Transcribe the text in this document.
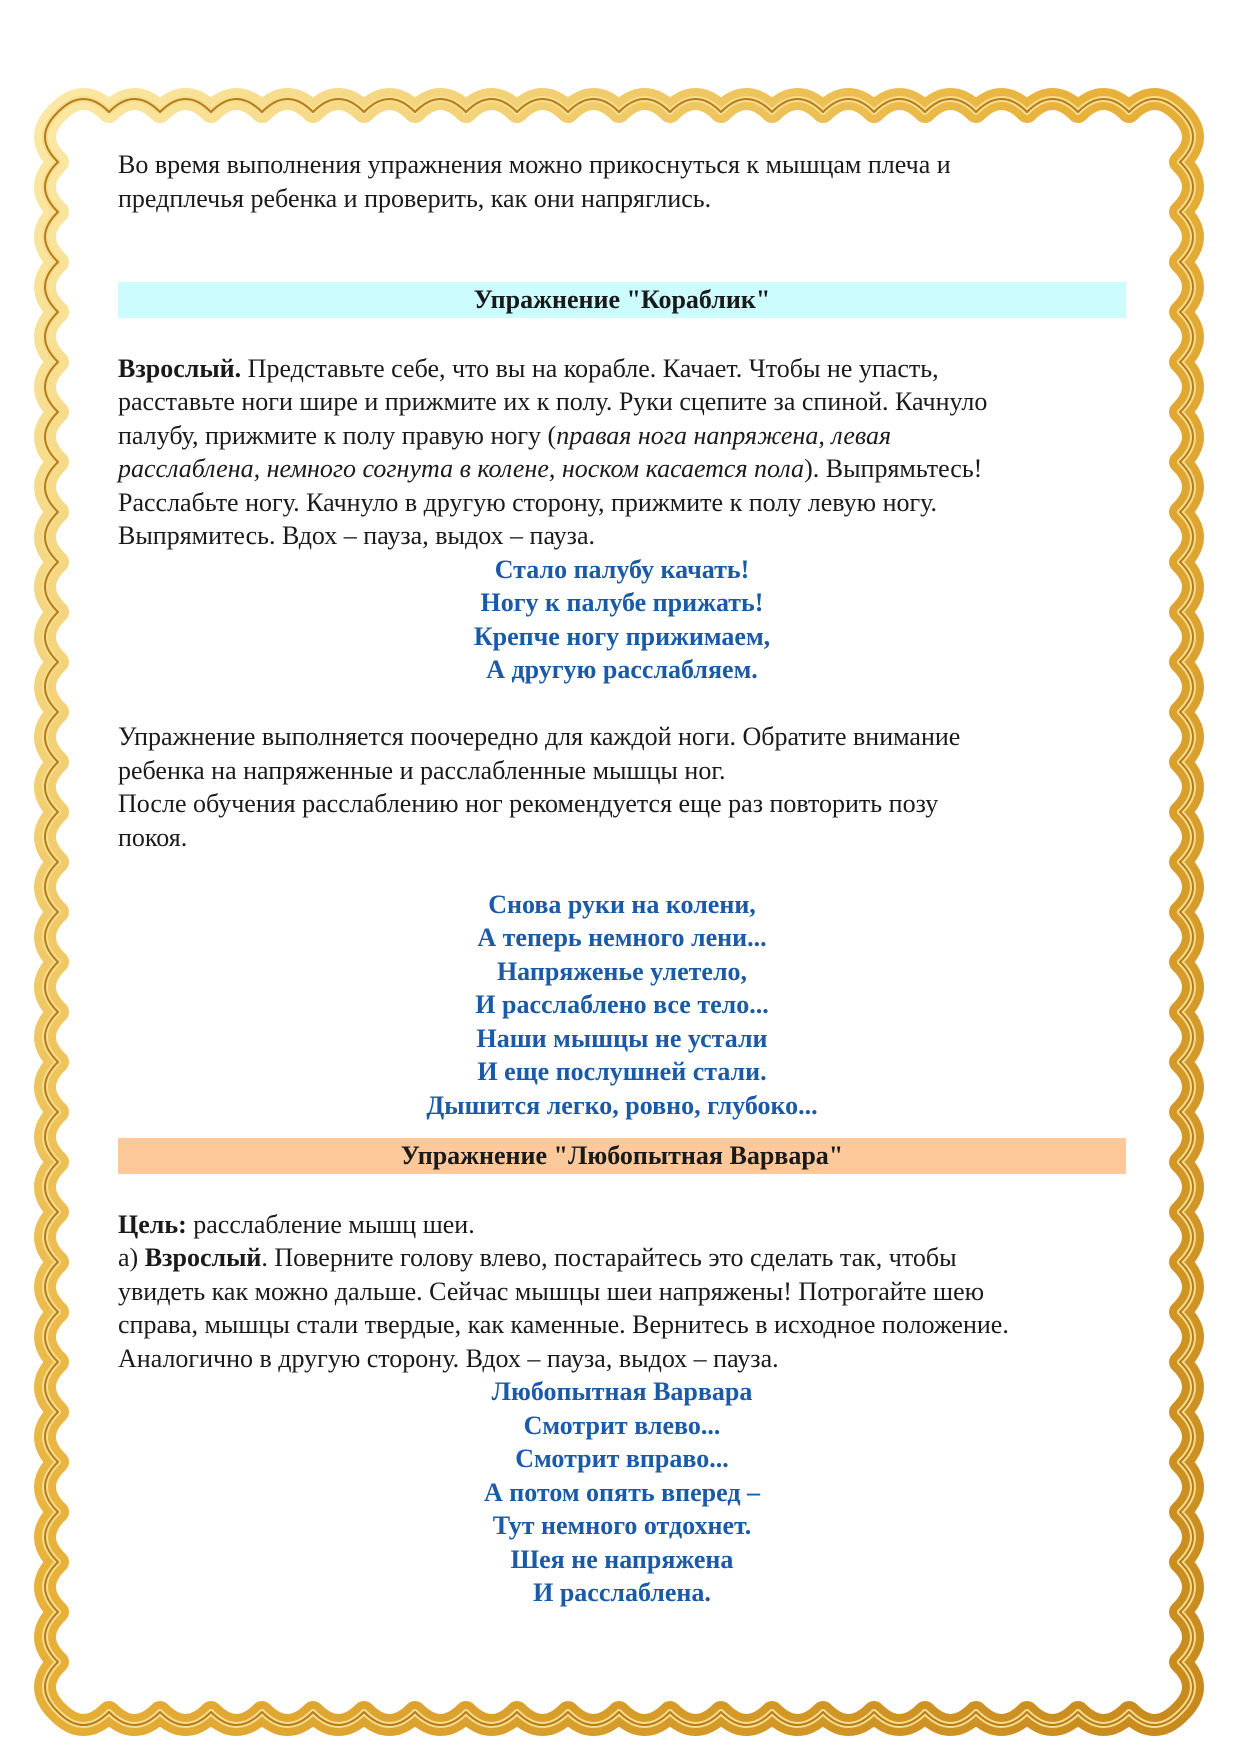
Во время выполнения упражнения можно прикоснуться к мышцам плеча и
предплечья ребенка и проверить, как они напряглись.
Упражнение "Кораблик"
Взрослый. Представьте себе, что вы на корабле. Качает. Чтобы не упасть,
расставьте ноги шире и прижмите их к полу. Руки сцепите за спиной. Качнуло
палубу, прижмите к полу правую ногу (правая нога напряжена, левая
расслаблена, немного согнута в колене, носком касается пола). Выпрямьтесь!
Расслабьте ногу. Качнуло в другую сторону, прижмите к полу левую ногу.
Выпрямитесь. Вдох – пауза, выдох – пауза.
Стало палубу качать!
Ногу к палубе прижать!
Крепче ногу прижимаем,
А другую расслабляем.
Упражнение выполняется поочередно для каждой ноги. Обратите внимание
ребенка на напряженные и расслабленные мышцы ног.
После обучения расслаблению ног рекомендуется еще раз повторить позу
покоя.
Снова руки на колени,
А теперь немного лени...
Напряженье улетело,
И расслаблено все тело...
Наши мышцы не устали
И еще послушней стали.
Дышится легко, ровно, глубоко...
Упражнение "Любопытная Варвара"
Цель: расслабление мышц шеи.
а) Взрослый. Поверните голову влево, постарайтесь это сделать так, чтобы
увидеть как можно дальше. Сейчас мышцы шеи напряжены! Потрогайте шею
справа, мышцы стали твердые, как каменные. Вернитесь в исходное положение.
Аналогично в другую сторону. Вдох – пауза, выдох – пауза.
Любопытная Варвара
Смотрит влево...
Смотрит вправо...
А потом опять вперед –
Тут немного отдохнет.
Шея не напряжена
И расслаблена.
